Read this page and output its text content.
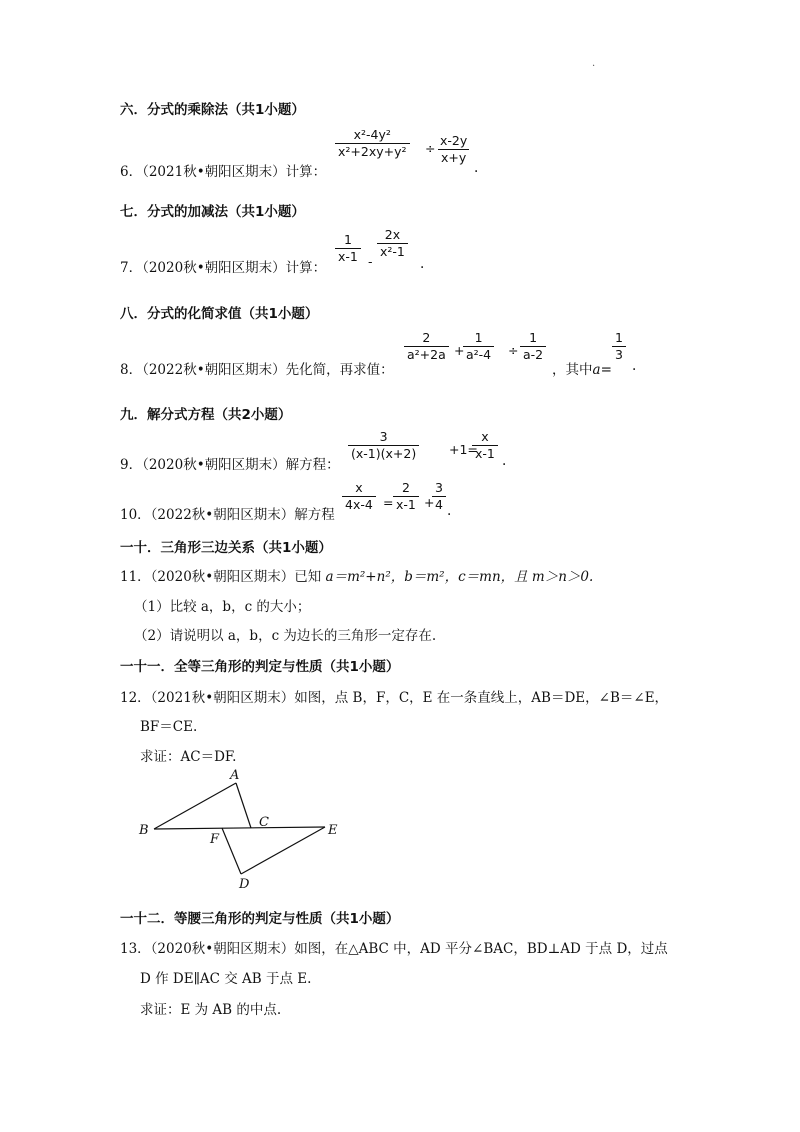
.
六．分式的乘除法（共1小题）
6．（2021秋•朝阳区期末）计算：
$\frac{\text{x²-4y²}}{\text{x²+2xy+y²}} \div \frac{x-2y}{x+y}$
.
七．分式的加减法（共1小题）
7．（2020秋•朝阳区期末）计算：
$\frac{1}{x-1}$ -
$\frac{2x}{\text{x²-1}}$
.
八．分式的化简求值（共1小题）
8．（2022秋•朝阳区期末）先化简，再求值：
$\frac{2}{\text{a²+2a}}$ +
$\frac{1}{\text{a²-4}} \div \frac{1}{a-2}$
，其中a=
$\frac{1}{3}$
.
九．解分式方程（共2小题）
9．（2020秋•朝阳区期末）解方程：
$\frac{3}{(x-1)(x+2)} +1=$
$\frac{x}{x-1}$ .
10．（2022秋•朝阳区期末）解方程
$\frac{x}{4x-4} = \frac{2}{x-1}$ +
$\frac{3}{4}$ .
一十．三角形三边关系（共1小题）
11．（2020秋•朝阳区期末）已知 a＝m²+n²，b＝m²，c＝mn，且 m＞n＞0.
（1）比较 a，b，c 的大小；
（2）请说明以 a，b，c 为边长的三角形一定存在.
一十一．全等三角形的判定与性质（共1小题）
12．（2021秋•朝阳区期末）如图，点 B，F，C，E 在一条直线上，AB＝DE，∠B＝∠E，
BF＝CE.
求证：AC＝DF.
A
B
C
D
E
F
一十二．等腰三角形的判定与性质（共1小题）
13．（2020秋•朝阳区期末）如图，在△ABC 中，AD 平分∠BAC，BD⊥AD 于点 D，过点
D 作 DE∥AC 交 AB 于点 E.
求证：E 为 AB 的中点.
